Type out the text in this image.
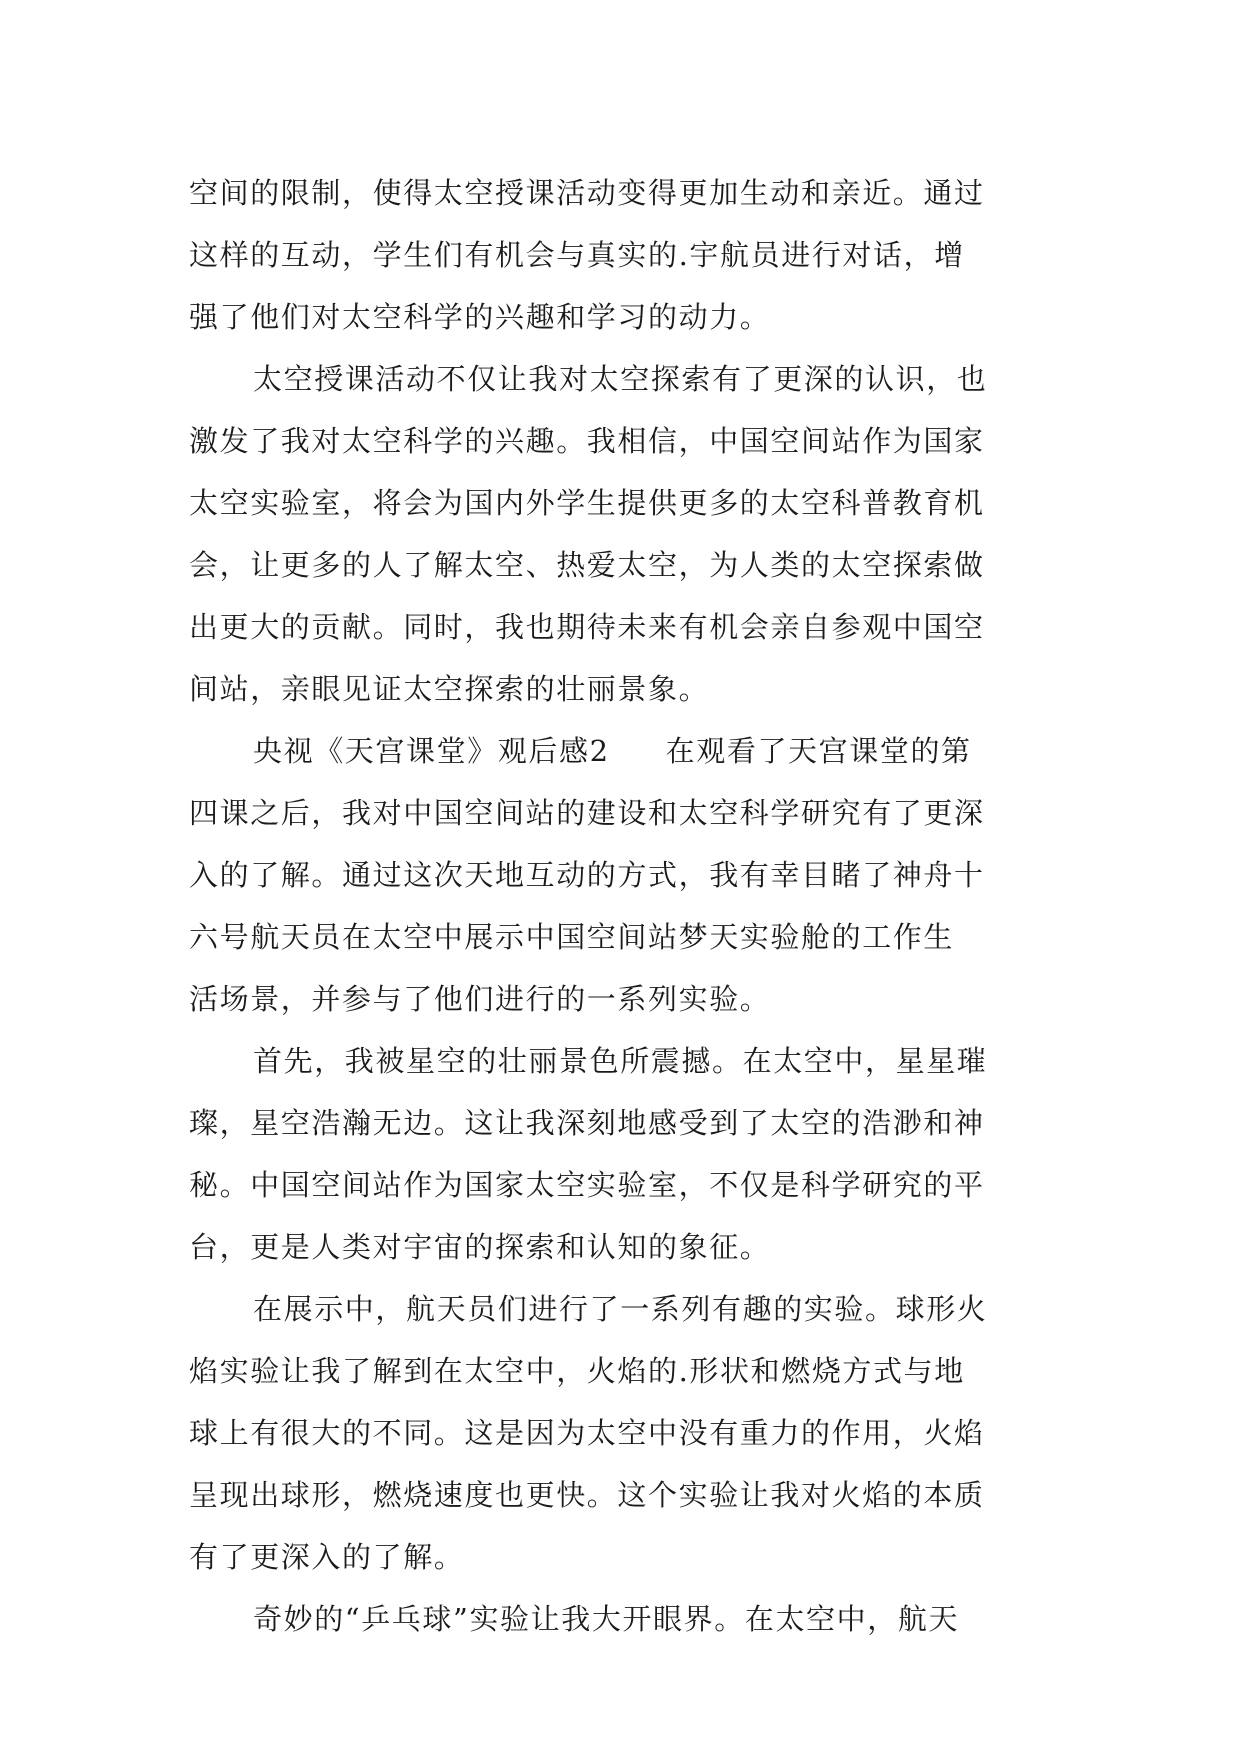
空间的限制，使得太空授课活动变得更加生动和亲近。通过
这样的互动，学生们有机会与真实的.宇航员进行对话，增
强了他们对太空科学的兴趣和学习的动力。
太空授课活动不仅让我对太空探索有了更深的认识，也
激发了我对太空科学的兴趣。我相信，中国空间站作为国家
太空实验室，将会为国内外学生提供更多的太空科普教育机
会，让更多的人了解太空、热爱太空，为人类的太空探索做
出更大的贡献。同时，我也期待未来有机会亲自参观中国空
间站，亲眼见证太空探索的壮丽景象。
央视《天宫课堂》观后感2 在观看了天宫课堂的第
四课之后，我对中国空间站的建设和太空科学研究有了更深
入的了解。通过这次天地互动的方式，我有幸目睹了神舟十
六号航天员在太空中展示中国空间站梦天实验舱的工作生
活场景，并参与了他们进行的一系列实验。
首先，我被星空的壮丽景色所震撼。在太空中，星星璀
璨，星空浩瀚无边。这让我深刻地感受到了太空的浩渺和神
秘。中国空间站作为国家太空实验室，不仅是科学研究的平
台，更是人类对宇宙的探索和认知的象征。
在展示中，航天员们进行了一系列有趣的实验。球形火
焰实验让我了解到在太空中，火焰的.形状和燃烧方式与地
球上有很大的不同。这是因为太空中没有重力的作用，火焰
呈现出球形，燃烧速度也更快。这个实验让我对火焰的本质
有了更深入的了解。
奇妙的“乒乓球”实验让我大开眼界。在太空中，航天
